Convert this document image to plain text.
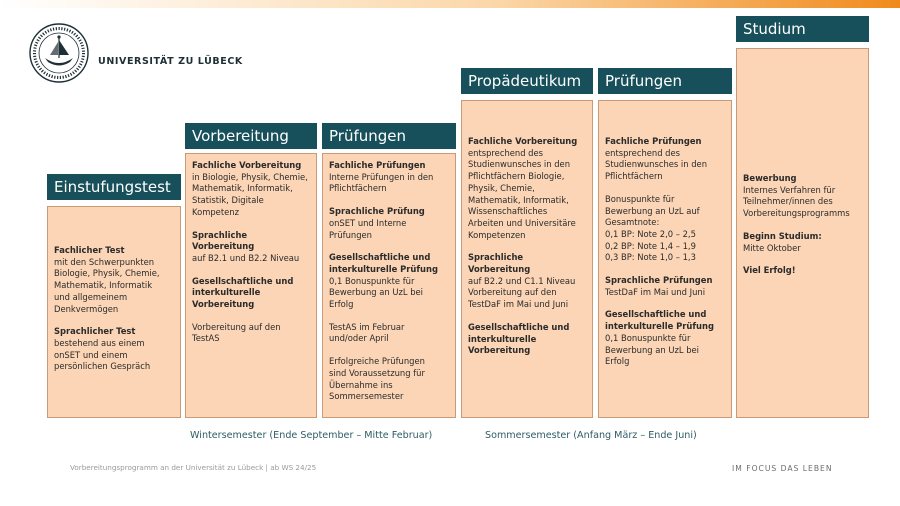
UNIVERSITÄT ZU LÜBECK
Einstufungstest
Fachlicher Test
mit den Schwerpunkten
Biologie, Physik, Chemie,
Mathematik, Informatik
und allgemeinem
Denkvermögen
Sprachlicher Test
bestehend aus einem
onSET und einem
persönlichen Gespräch
Vorbereitung
Fachliche Vorbereitung
in Biologie, Physik, Chemie,
Mathematik, Informatik,
Statistik, Digitale
Kompetenz
Sprachliche Vorbereitung
auf B2.1 und B2.2 Niveau
Gesellschaftliche und
interkulturelle
Vorbereitung
Vorbereitung auf den
TestAS
Prüfungen
Fachliche Prüfungen
Interne Prüfungen in den
Pflichtfächern
Sprachliche Prüfung
onSET und Interne
Prüfungen
Gesellschaftliche und
interkulturelle Prüfung
0,1 Bonuspunkte für
Bewerbung an UzL bei
Erfolg
TestAS im Februar
und/oder April
Erfolgreiche Prüfungen
sind Voraussetzung für
Übernahme ins
Sommersemester
Propädeutikum
Fachliche Vorbereitung
entsprechend des
Studienwunsches in den
Pflichtfächern Biologie,
Physik, Chemie,
Mathematik, Informatik,
Wissenschaftliches
Arbeiten und Universitäre
Kompetenzen
Sprachliche Vorbereitung
auf B2.2 und C1.1 Niveau
Vorbereitung auf den
TestDaF im Mai und Juni
Gesellschaftliche und
interkulturelle
Vorbereitung
Prüfungen
Fachliche Prüfungen
entsprechend des
Studienwunsches in den
Pflichtfächern
Bonuspunkte für
Bewerbung an UzL auf
Gesamtnote:
0,1 BP: Note 2,0 – 2,5
0,2 BP: Note 1,4 – 1,9
0,3 BP: Note 1,0 – 1,3
Sprachliche Prüfungen
TestDaF im Mai und Juni
Gesellschaftliche und
interkulturelle Prüfung
0,1 Bonuspunkte für
Bewerbung an UzL bei
Erfolg
Studium
Bewerbung
Internes Verfahren für
Teilnehmer/innen des
Vorbereitungsprogramms
Beginn Studium:
Mitte Oktober
Viel Erfolg!
Wintersemester (Ende September – Mitte Februar)	Sommersemester (Anfang März – Ende Juni)
Vorbereitungsprogramm an der Universität zu Lübeck | ab WS 24/25	IM FOCUS DAS LEBEN
